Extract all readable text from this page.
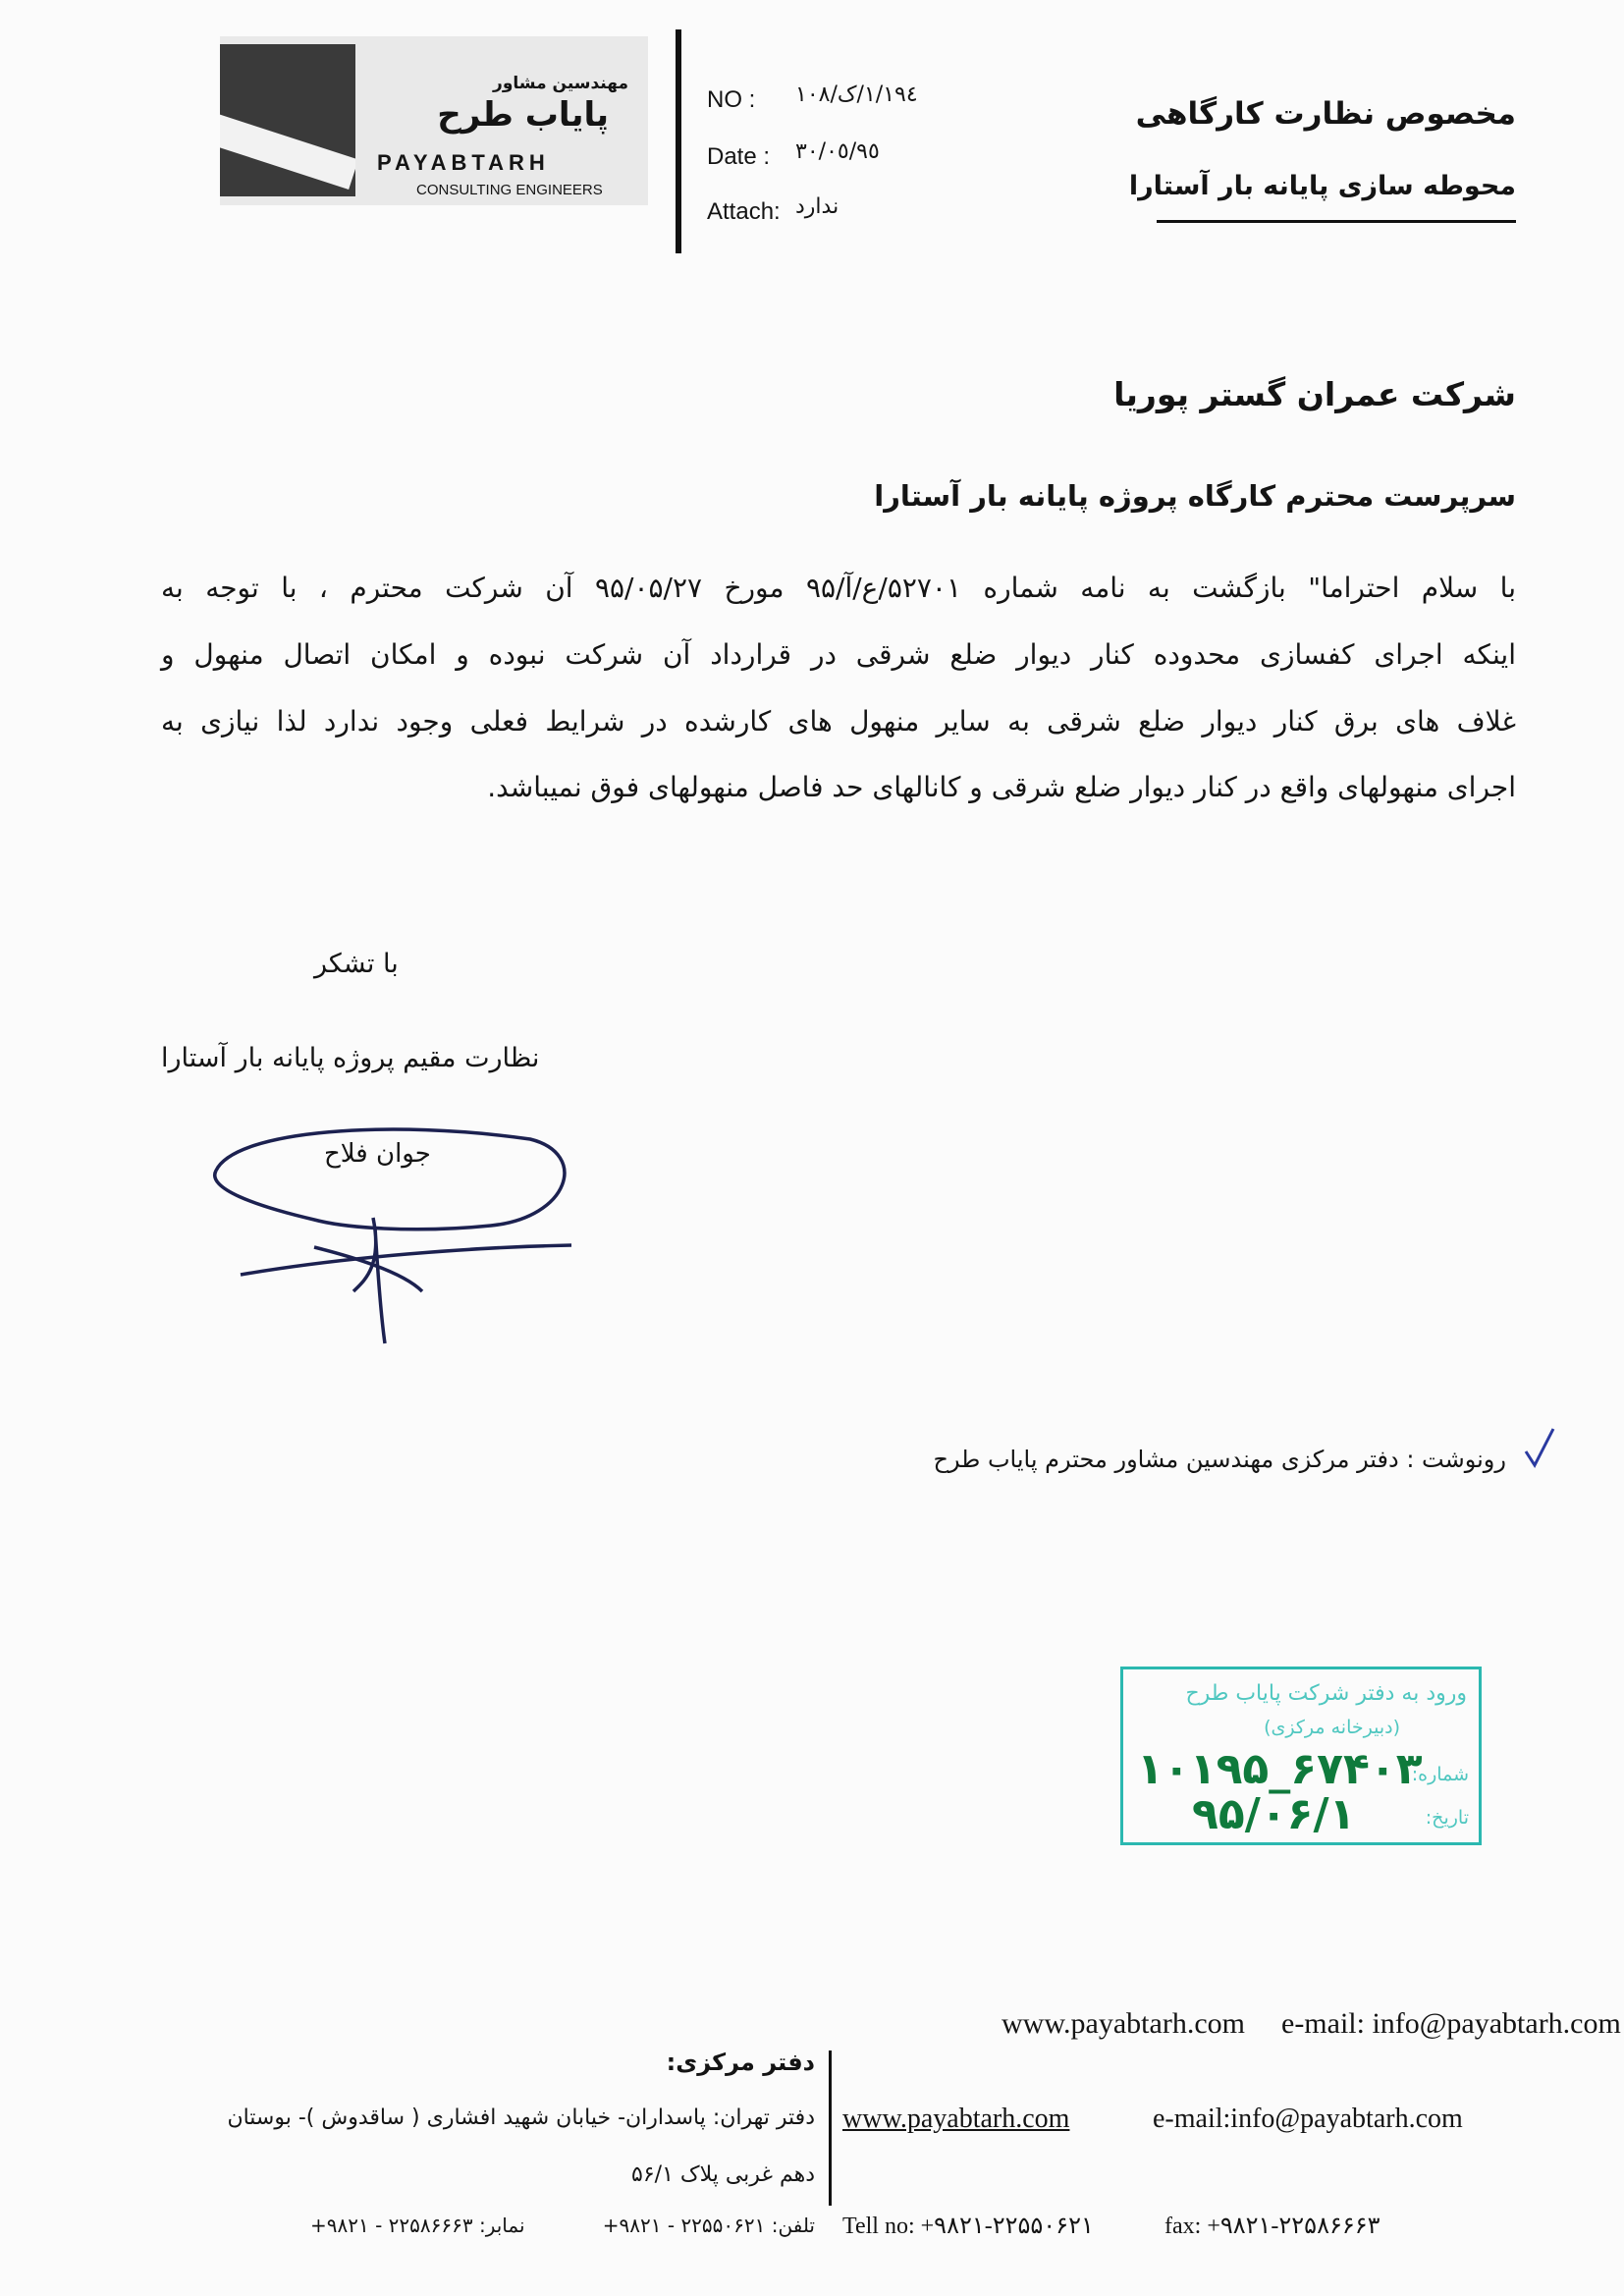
مهندسین مشاور
پایاب طرح
PAYABTARH
CONSULTING ENGINEERS
NO : ۱۹٤/۱/ک/۱۰۸
Date : ۹٥/۰٥/۳۰
Attach: ندارد
مخصوص نظارت کارگاهی
محوطه سازی پایانه بار آستارا
شرکت عمران گستر پوریا
سرپرست محترم کارگاه پروژه پایانه بار آستارا
با سلام احتراما" بازگشت به نامه شماره ۵۲۷۰۱/ع/آ/۹۵ مورخ ۹۵/۰۵/۲۷ آن شرکت محترم ، با توجه به
اینکه اجرای کفسازی محدوده کنار دیوار ضلع شرقی در قرارداد آن شرکت نبوده و امکان اتصال منهول و
غلاف های برق کنار دیوار ضلع شرقی به سایر منهول های کارشده در شرایط فعلی وجود ندارد لذا نیازی به
اجرای منهولهای واقع در کنار دیوار ضلع شرقی و کانالهای حد فاصل منهولهای فوق نمیباشد.
با تشکر
نظارت مقیم پروژه پایانه بار آستارا
جوان فلاح
رونوشت : دفتر مرکزی مهندسین مشاور محترم پایاب طرح
ورود به دفتر شرکت پایاب طرح
(دبیرخانه مرکزی)
شماره:
۱۰۱۹۵_۶۷۴۰۳
تاریخ:
۹۵/۰۶/۱
www.payabtarh.com e-mail: info@payabtarh.com
دفتر مرکزی:
دفتر تهران: پاسداران- خیابان شهید افشاری ( ساقدوش )- بوستان
دهم غربی پلاک ۵۶/۱
تلفن: ۲۲۵۵۰۶۲۱ - ۹۸۲۱+
نمابر: ۲۲۵۸۶۶۶۳ - ۹۸۲۱+
www.payabtarh.com	e-mail:info@payabtarh.com
Tell no: +۹۸۲۱-۲۲۵۵۰۶۲۱	fax: +۹۸۲۱-۲۲۵۸۶۶۶۳
